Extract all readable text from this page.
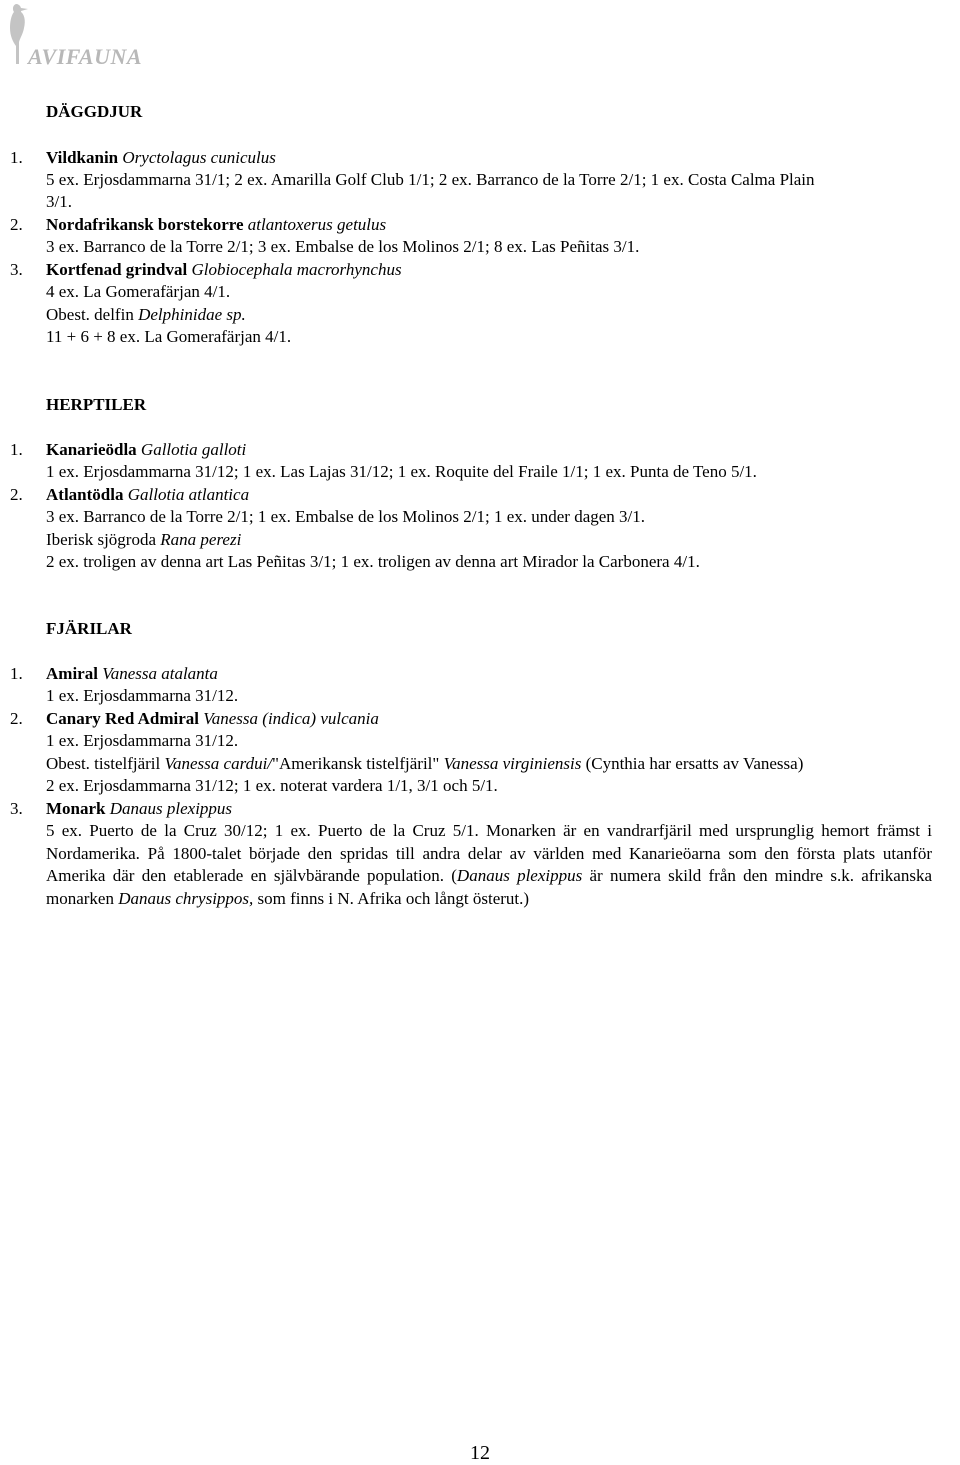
AVIFAUNA
DÄGGDJUR
1. Vildkanin Oryctolagus cuniculus

5 ex. Erjosdammarna 31/1; 2 ex. Amarilla Golf Club 1/1; 2 ex. Barranco de la Torre 2/1; 1 ex. Costa Calma Plain

3/1.

2. Nordafrikansk borstekorre atlantoxerus getulus

3 ex. Barranco de la Torre 2/1; 3 ex. Embalse de los Molinos 2/1; 8 ex. Las Peñitas 3/1.

3. Kortfenad grindval Globiocephala macrorhynchus

4 ex. La Gomerafärjan 4/1.

Obest. delfin Delphinidae sp.

11 + 6 + 8 ex. La Gomerafärjan 4/1.

HERPTILER
1. Kanarieödla Gallotia galloti

1 ex. Erjosdammarna 31/12; 1 ex. Las Lajas 31/12; 1 ex. Roquite del Fraile 1/1; 1 ex. Punta de Teno 5/1.

2. Atlantödla Gallotia atlantica

3 ex. Barranco de la Torre 2/1; 1 ex. Embalse de los Molinos 2/1; 1 ex. under dagen 3/1.

Iberisk sjögroda Rana perezi

2 ex. troligen av denna art Las Peñitas 3/1; 1 ex. troligen av denna art Mirador la Carbonera 4/1.

FJÄRILAR
1. Amiral Vanessa atalanta

1 ex. Erjosdammarna 31/12.

2. Canary Red Admiral Vanessa (indica) vulcania

1 ex. Erjosdammarna 31/12.

Obest. tistelfjäril Vanessa cardui/"Amerikansk tistelfjäril" Vanessa virginiensis (Cynthia har ersatts av Vanessa)

2 ex. Erjosdammarna 31/12; 1 ex. noterat vardera 1/1, 3/1 och 5/1.

3. Monark Danaus plexippus

5 ex. Puerto de la Cruz 30/12; 1 ex. Puerto de la Cruz 5/1. Monarken är en vandrarfjäril med ursprunglig hemort främst i Nordamerika. På 1800-talet började den spridas till andra delar av världen med Kanarieöarna som den första plats utanför Amerika där den etablerade en självbärande population. (Danaus plexippus är numera skild från den mindre s.k. afrikanska monarken Danaus chrysippos, som finns i N. Afrika och långt österut.)

12
